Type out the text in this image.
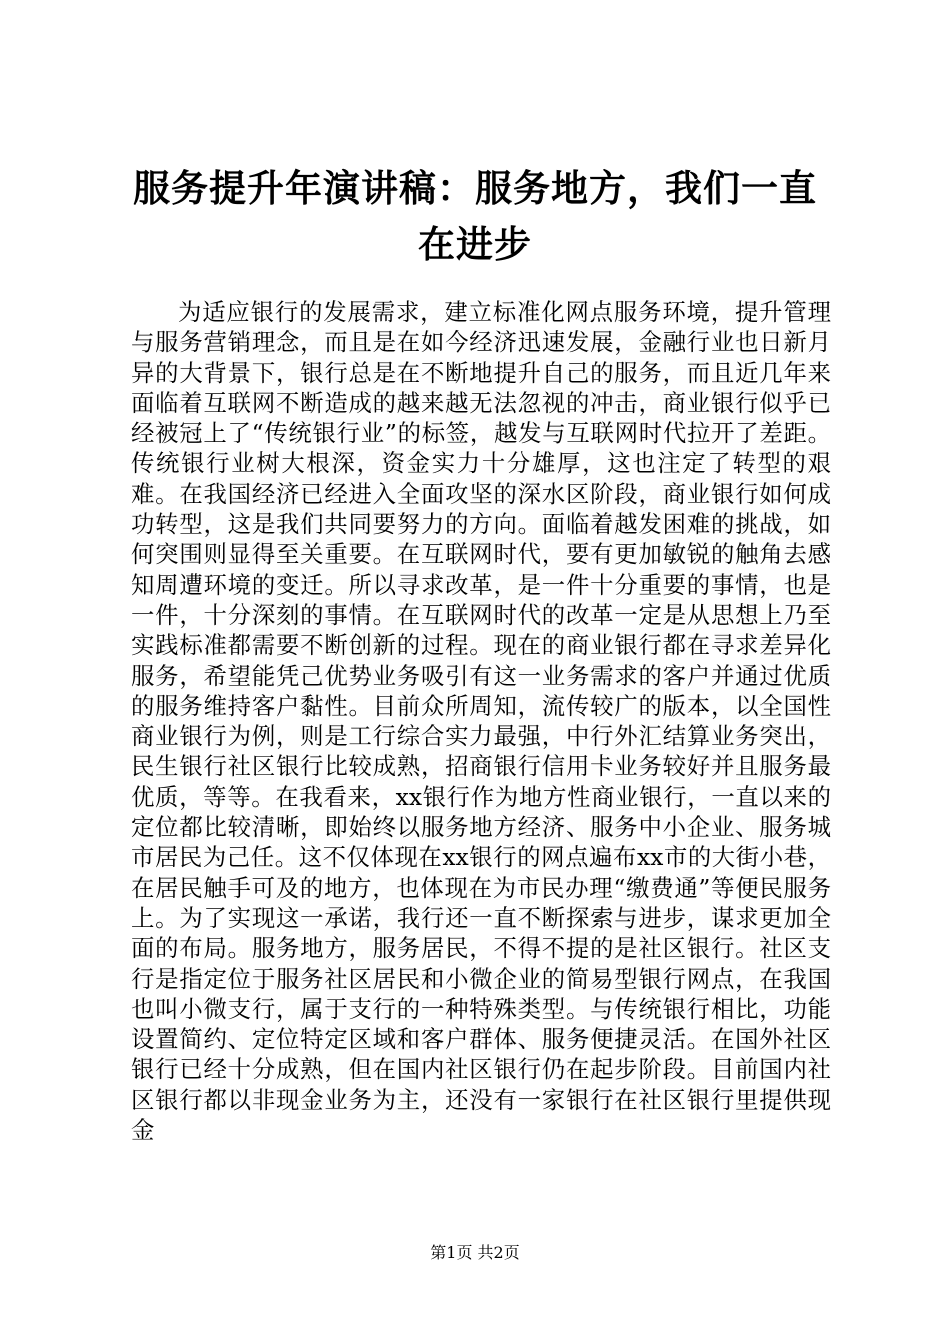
服务提升年演讲稿：服务地方，我们一直在进步
为适应银行的发展需求，建立标准化网点服务环境，提升管理与服务营销理念，而且是在如今经济迅速发展，金融行业也日新月异的大背景下，银行总是在不断地提升自己的服务，而且近几年来面临着互联网不断造成的越来越无法忽视的冲击，商业银行似乎已经被冠上了“传统银行业”的标签，越发与互联网时代拉开了差距。传统银行业树大根深，资金实力十分雄厚，这也注定了转型的艰难。在我国经济已经进入全面攻坚的深水区阶段，商业银行如何成功转型，这是我们共同要努力的方向。面临着越发困难的挑战，如何突围则显得至关重要。在互联网时代，要有更加敏锐的触角去感知周遭环境的变迁。所以寻求改革，是一件十分重要的事情，也是一件，十分深刻的事情。在互联网时代的改革一定是从思想上乃至实践标准都需要不断创新的过程。现在的商业银行都在寻求差异化服务，希望能凭己优势业务吸引有这一业务需求的客户并通过优质的服务维持客户黏性。目前众所周知，流传较广的版本，以全国性商业银行为例，则是工行综合实力最强，中行外汇结算业务突出，民生银行社区银行比较成熟，招商银行信用卡业务较好并且服务最优质，等等。在我看来，xx银行作为地方性商业银行，一直以来的定位都比较清晰，即始终以服务地方经济、服务中小企业、服务城市居民为己任。这不仅体现在xx银行的网点遍布xx市的大街小巷，在居民触手可及的地方，也体现在为市民办理“缴费通”等便民服务上。为了实现这一承诺，我行还一直不断探索与进步，谋求更加全面的布局。服务地方，服务居民，不得不提的是社区银行。社区支行是指定位于服务社区居民和小微企业的简易型银行网点，在我国也叫小微支行，属于支行的一种特殊类型。与传统银行相比，功能设置简约、定位特定区域和客户群体、服务便捷灵活。在国外社区银行已经十分成熟，但在国内社区银行仍在起步阶段。目前国内社区银行都以非现金业务为主，还没有一家银行在社区银行里提供现金
第1页 共2页
